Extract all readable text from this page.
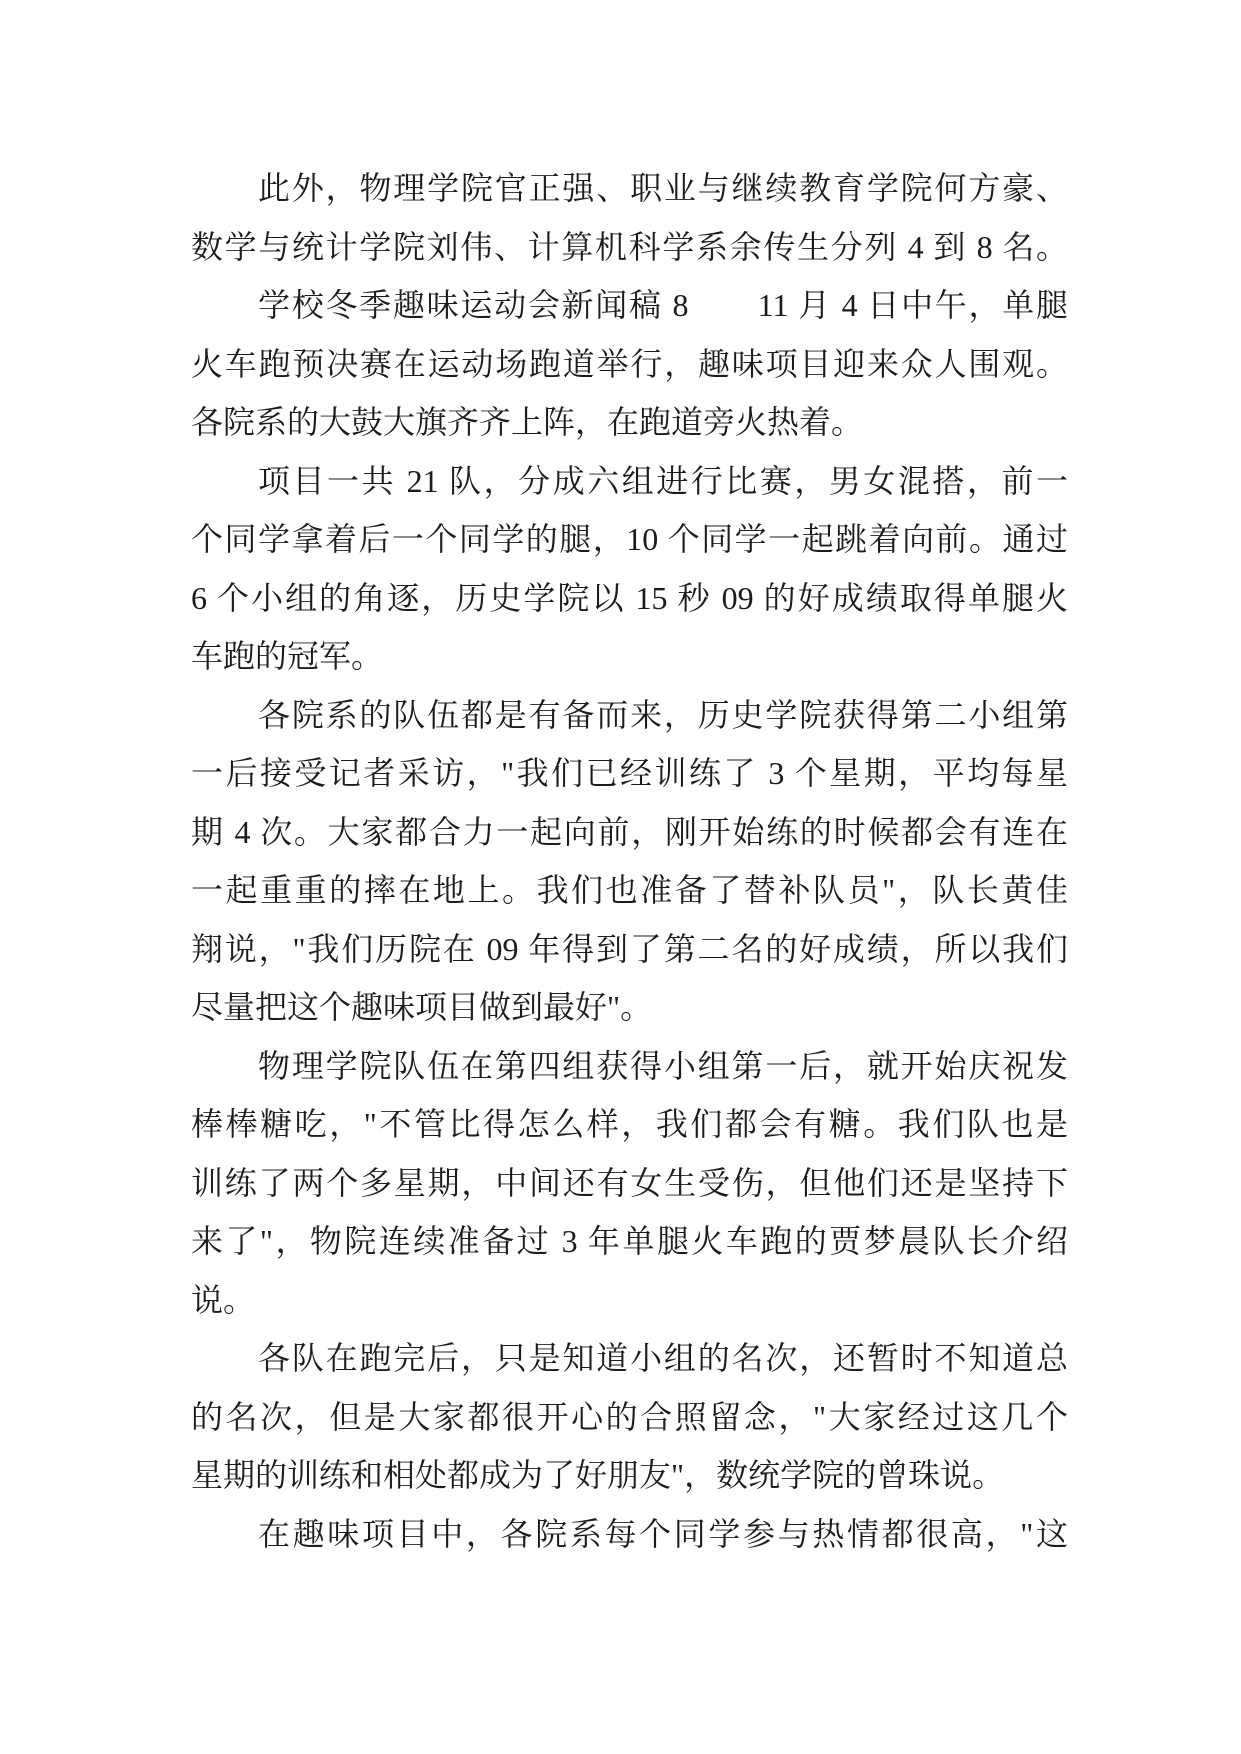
此外，物理学院官正强、职业与继续教育学院何方豪、
数学与统计学院刘伟、计算机科学系余传生分列 4 到 8 名。
学校冬季趣味运动会新闻稿 8　　11 月 4 日中午，单腿
火车跑预决赛在运动场跑道举行，趣味项目迎来众人围观。
各院系的大鼓大旗齐齐上阵，在跑道旁火热着。
项目一共 21 队，分成六组进行比赛，男女混搭，前一
个同学拿着后一个同学的腿，10 个同学一起跳着向前。通过
6 个小组的角逐，历史学院以 15 秒 09 的好成绩取得单腿火
车跑的冠军。
各院系的队伍都是有备而来，历史学院获得第二小组第
一后接受记者采访，"我们已经训练了 3 个星期，平均每星
期 4 次。大家都合力一起向前，刚开始练的时候都会有连在
一起重重的摔在地上。我们也准备了替补队员"，队长黄佳
翔说，"我们历院在 09 年得到了第二名的好成绩，所以我们
尽量把这个趣味项目做到最好"。
物理学院队伍在第四组获得小组第一后，就开始庆祝发
棒棒糖吃，"不管比得怎么样，我们都会有糖。我们队也是
训练了两个多星期，中间还有女生受伤，但他们还是坚持下
来了"，物院连续准备过 3 年单腿火车跑的贾梦晨队长介绍
说。
各队在跑完后，只是知道小组的名次，还暂时不知道总
的名次，但是大家都很开心的合照留念，"大家经过这几个
星期的训练和相处都成为了好朋友"，数统学院的曾珠说。
在趣味项目中，各院系每个同学参与热情都很高，"这
